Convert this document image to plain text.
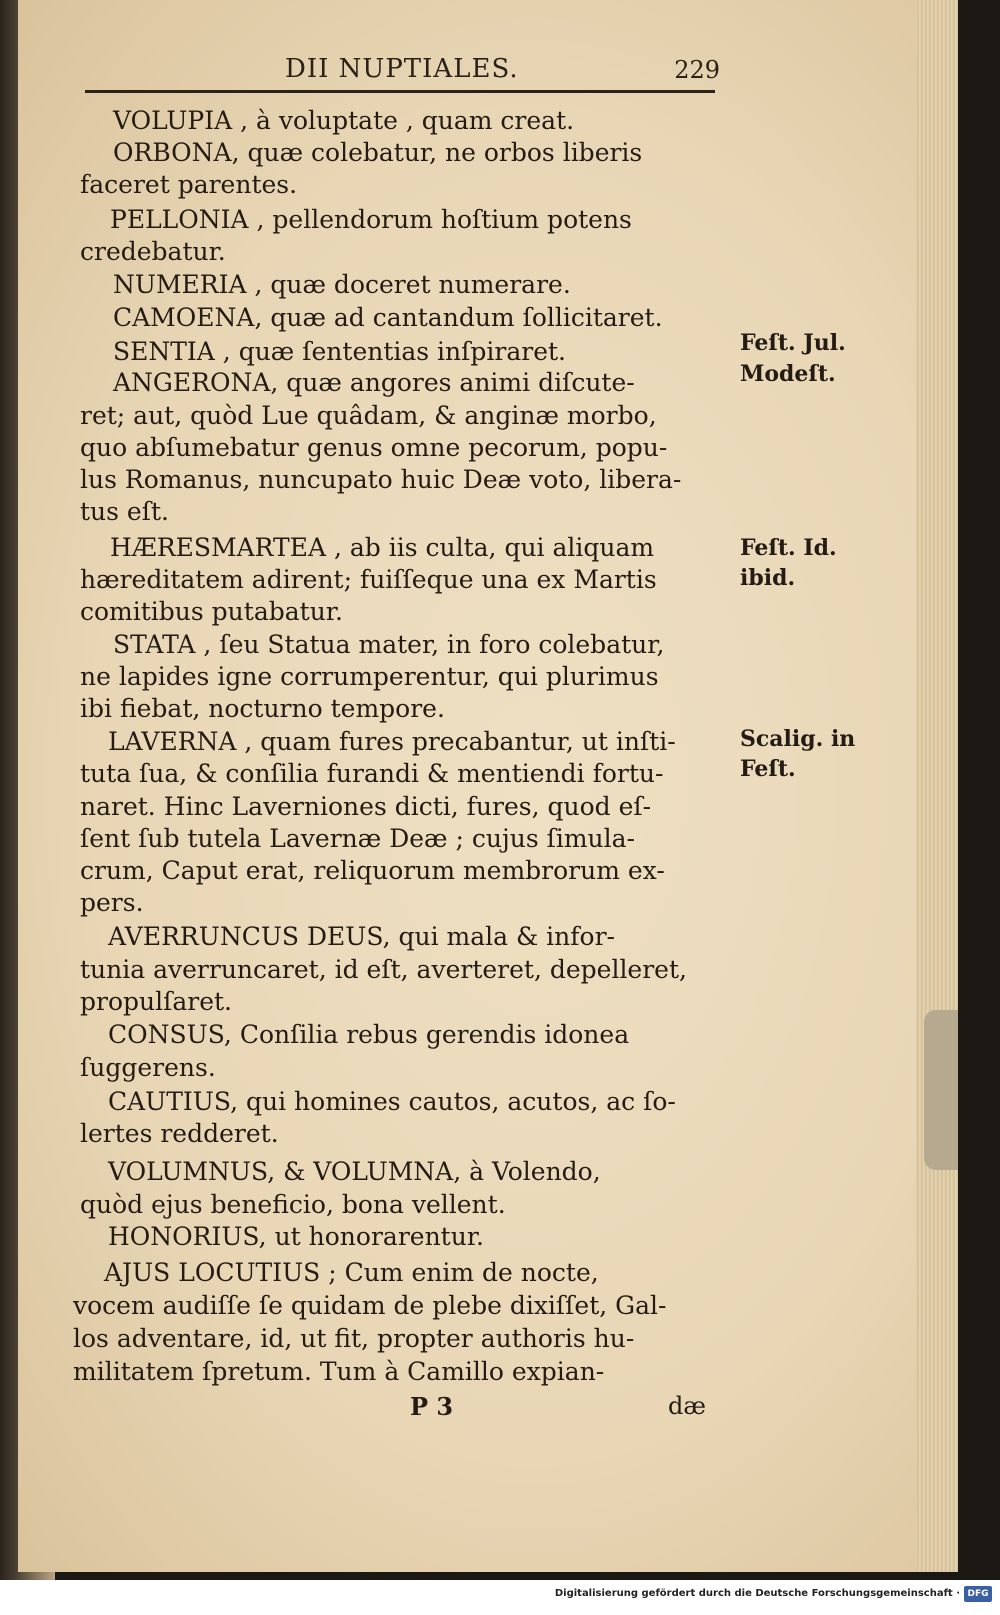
DII NUPTIALES.	229
VOLUPIA , à voluptate , quam creat.
ORBONA, quæ colebatur, ne orbos liberis
faceret parentes.
PELLONIA , pellendorum hoſtium potens
credebatur.
NUMERIA , quæ doceret numerare.
CAMOENA, quæ ad cantandum ſollicitaret.
SENTIA , quæ ſententias inſpiraret.
ANGERONA, quæ angores animi diſcute-
ret; aut, quòd Lue quâdam, & anginæ morbo,
quo abſumebatur genus omne pecorum, popu-
lus Romanus, nuncupato huic Deæ voto, libera-
tus eſt.
HÆRESMARTEA , ab iis culta, qui aliquam
hæreditatem adirent; fuiſſeque una ex Martis
comitibus putabatur.
STATA , ſeu Statua mater, in foro colebatur,
ne lapides igne corrumperentur, qui plurimus
ibi fiebat, nocturno tempore.
LAVERNA , quam fures precabantur, ut inſti-
tuta ſua, & conſilia furandi & mentiendi fortu-
naret. Hinc Laverniones dicti, fures, quod eſ-
ſent ſub tutela Lavernæ Deæ ; cujus ſimula-
crum, Caput erat, reliquorum membrorum ex-
pers.
AVERRUNCUS DEUS, qui mala & infor-
tunia averruncaret, id eſt, averteret, depelleret,
propulſaret.
CONSUS, Conſilia rebus gerendis idonea
ſuggerens.
CAUTIUS, qui homines cautos, acutos, ac ſo-
lertes redderet.
VOLUMNUS, & VOLUMNA, à Volendo,
quòd ejus beneficio, bona vellent.
HONORIUS, ut honorarentur.
AJUS LOCUTIUS ; Cum enim de nocte,
vocem audiſſe ſe quidam de plebe dixiſſet, Gal-
los adventare, id, ut fit, propter authoris hu-
militatem ſpretum. Tum à Camillo expian-
Feſt. Jul.
Modeſt.
Feſt. Id.
ibid.
Scalig. in
Feſt.
P 3	dæ
Digitalisierung gefördert durch die Deutsche Forschungsgemeinschaft · DFG
